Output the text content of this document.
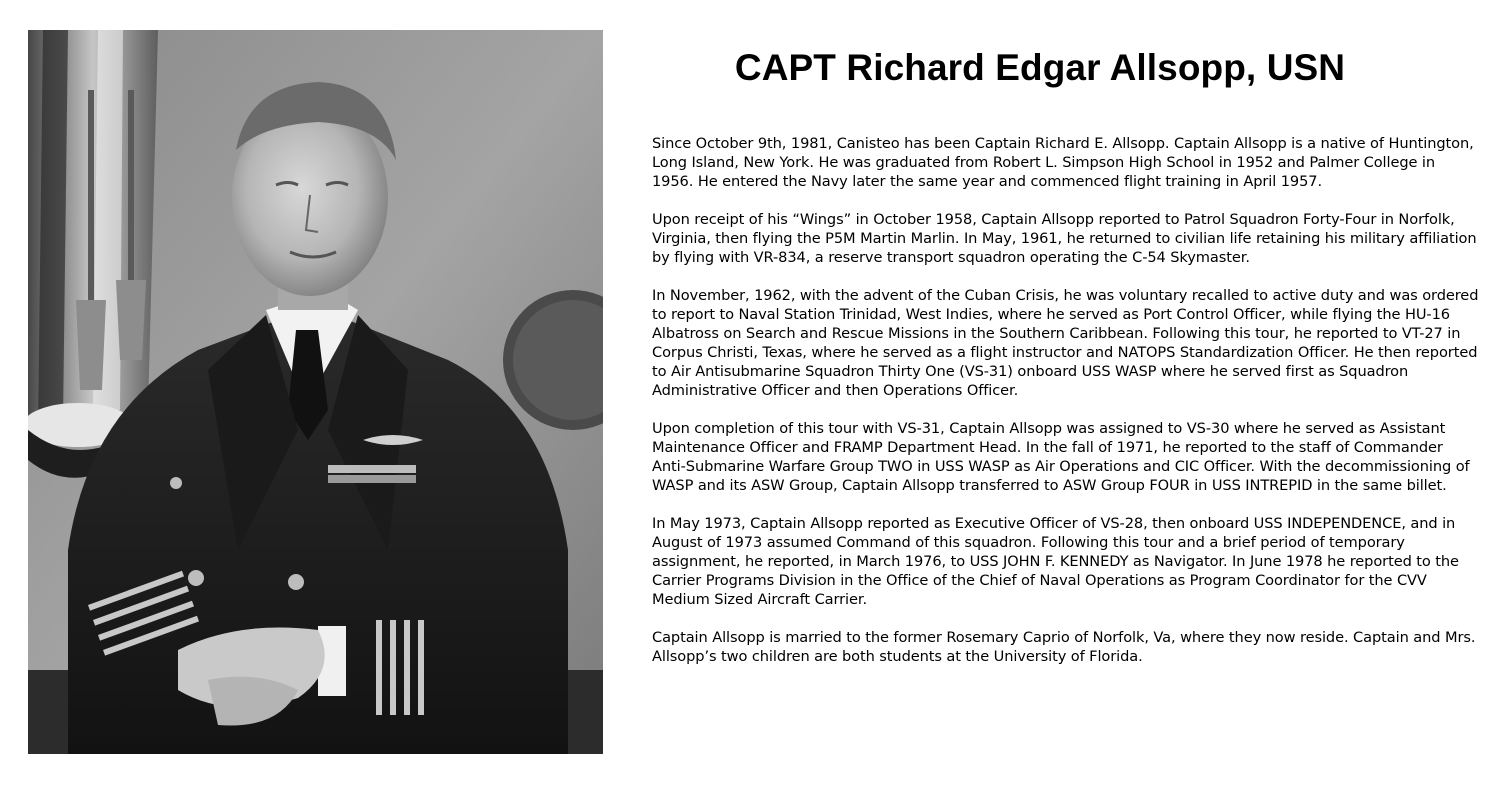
CAPT Richard Edgar Allsopp, USN

Since October 9th, 1981, Canisteo has been Captain Richard E. Allsopp. Captain Allsopp is a native of Huntington, Long Island, New York. He was graduated from Robert L. Simpson High School in 1952 and Palmer College in 1956. He entered the Navy later the same year and commenced flight training in April 1957.

Upon receipt of his “Wings” in October 1958, Captain Allsopp reported to Patrol Squadron Forty-Four in Norfolk, Virginia, then flying the P5M Martin Marlin. In May, 1961, he returned to civilian life retaining his military affiliation by flying with VR-834, a reserve transport squadron operating the C-54 Skymaster.

In November, 1962, with the advent of the Cuban Crisis, he was voluntary recalled to active duty and was ordered to report to Naval Station Trinidad, West Indies, where he served as Port Control Officer, while flying the HU-16 Albatross on Search and Rescue Missions in the Southern Caribbean. Following this tour, he reported to VT-27 in Corpus Christi, Texas, where he served as a flight instructor and NATOPS Standardization Officer. He then reported to Air Antisubmarine Squadron Thirty One (VS-31) onboard USS WASP where he served first as Squadron Administrative Officer and then Operations Officer.

Upon completion of this tour with VS-31, Captain Allsopp was assigned to VS-30 where he served as Assistant Maintenance Officer and FRAMP Department Head. In the fall of 1971, he reported to the staff of Commander Anti-Submarine Warfare Group TWO in USS WASP as Air Operations and CIC Officer. With the decommissioning of WASP and its ASW Group, Captain Allsopp transferred to ASW Group FOUR in USS INTREPID in the same billet.

In May 1973, Captain Allsopp reported as Executive Officer of VS-28, then onboard USS INDEPENDENCE, and in August of 1973 assumed Command of this squadron. Following this tour and a brief period of temporary assignment, he reported, in March 1976, to USS JOHN F. KENNEDY as Navigator. In June 1978 he reported to the Carrier Programs Division in the Office of the Chief of Naval Operations as Program Coordinator for the CVV Medium Sized Aircraft Carrier.

Captain Allsopp is married to the former Rosemary Caprio of Norfolk, Va, where they now reside. Captain and Mrs. Allsopp’s two children are both students at the University of Florida.
